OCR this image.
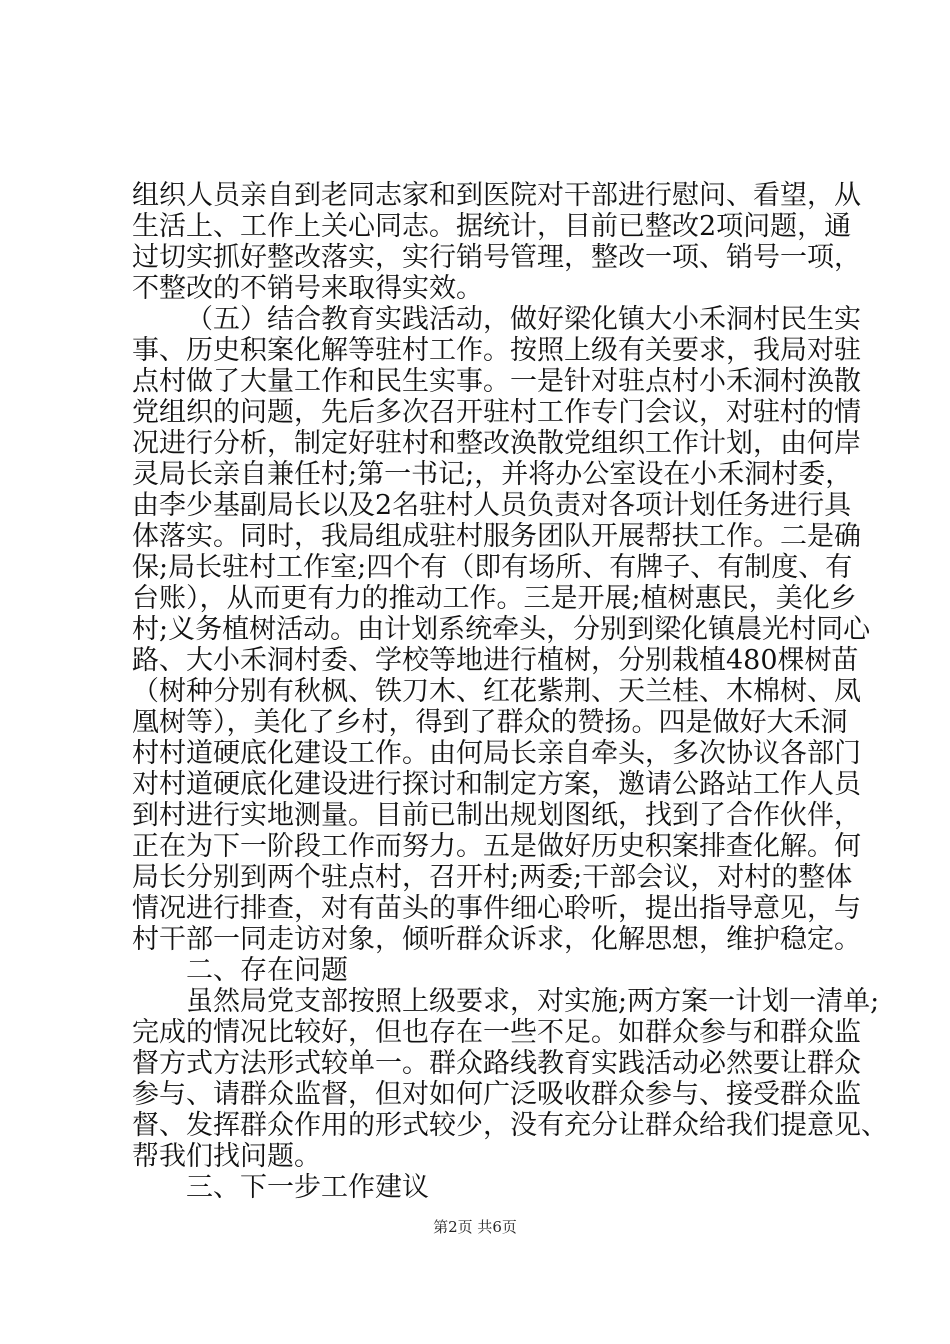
组织人员亲自到老同志家和到医院对干部进行慰问、看望，从
生活上、工作上关心同志。据统计，目前已整改2项问题，通
过切实抓好整改落实，实行销号管理，整改一项、销号一项，
不整改的不销号来取得实效。
（五）结合教育实践活动，做好梁化镇大小禾洞村民生实
事、历史积案化解等驻村工作。按照上级有关要求，我局对驻
点村做了大量工作和民生实事。一是针对驻点村小禾洞村涣散
党组织的问题，先后多次召开驻村工作专门会议，对驻村的情
况进行分析，制定好驻村和整改涣散党组织工作计划，由何岸
灵局长亲自兼任村;第一书记;，并将办公室设在小禾洞村委，
由李少基副局长以及2名驻村人员负责对各项计划任务进行具
体落实。同时，我局组成驻村服务团队开展帮扶工作。二是确
保;局长驻村工作室;四个有（即有场所、有牌子、有制度、有
台账），从而更有力的推动工作。三是开展;植树惠民，美化乡
村;义务植树活动。由计划系统牵头，分别到梁化镇晨光村同心
路、大小禾洞村委、学校等地进行植树，分别栽植480棵树苗
（树种分别有秋枫、铁刀木、红花紫荆、天兰桂、木棉树、凤
凰树等），美化了乡村，得到了群众的赞扬。四是做好大禾洞
村村道硬底化建设工作。由何局长亲自牵头，多次协议各部门
对村道硬底化建设进行探讨和制定方案，邀请公路站工作人员
到村进行实地测量。目前已制出规划图纸，找到了合作伙伴，
正在为下一阶段工作而努力。五是做好历史积案排查化解。何
局长分别到两个驻点村，召开村;两委;干部会议，对村的整体
情况进行排查，对有苗头的事件细心聆听，提出指导意见，与
村干部一同走访对象，倾听群众诉求，化解思想，维护稳定。
二、存在问题
虽然局党支部按照上级要求，对实施;两方案一计划一清单;
完成的情况比较好，但也存在一些不足。如群众参与和群众监
督方式方法形式较单一。群众路线教育实践活动必然要让群众
参与、请群众监督，但对如何广泛吸收群众参与、接受群众监
督、发挥群众作用的形式较少，没有充分让群众给我们提意见、
帮我们找问题。
三、下一步工作建议
第2页 共6页
